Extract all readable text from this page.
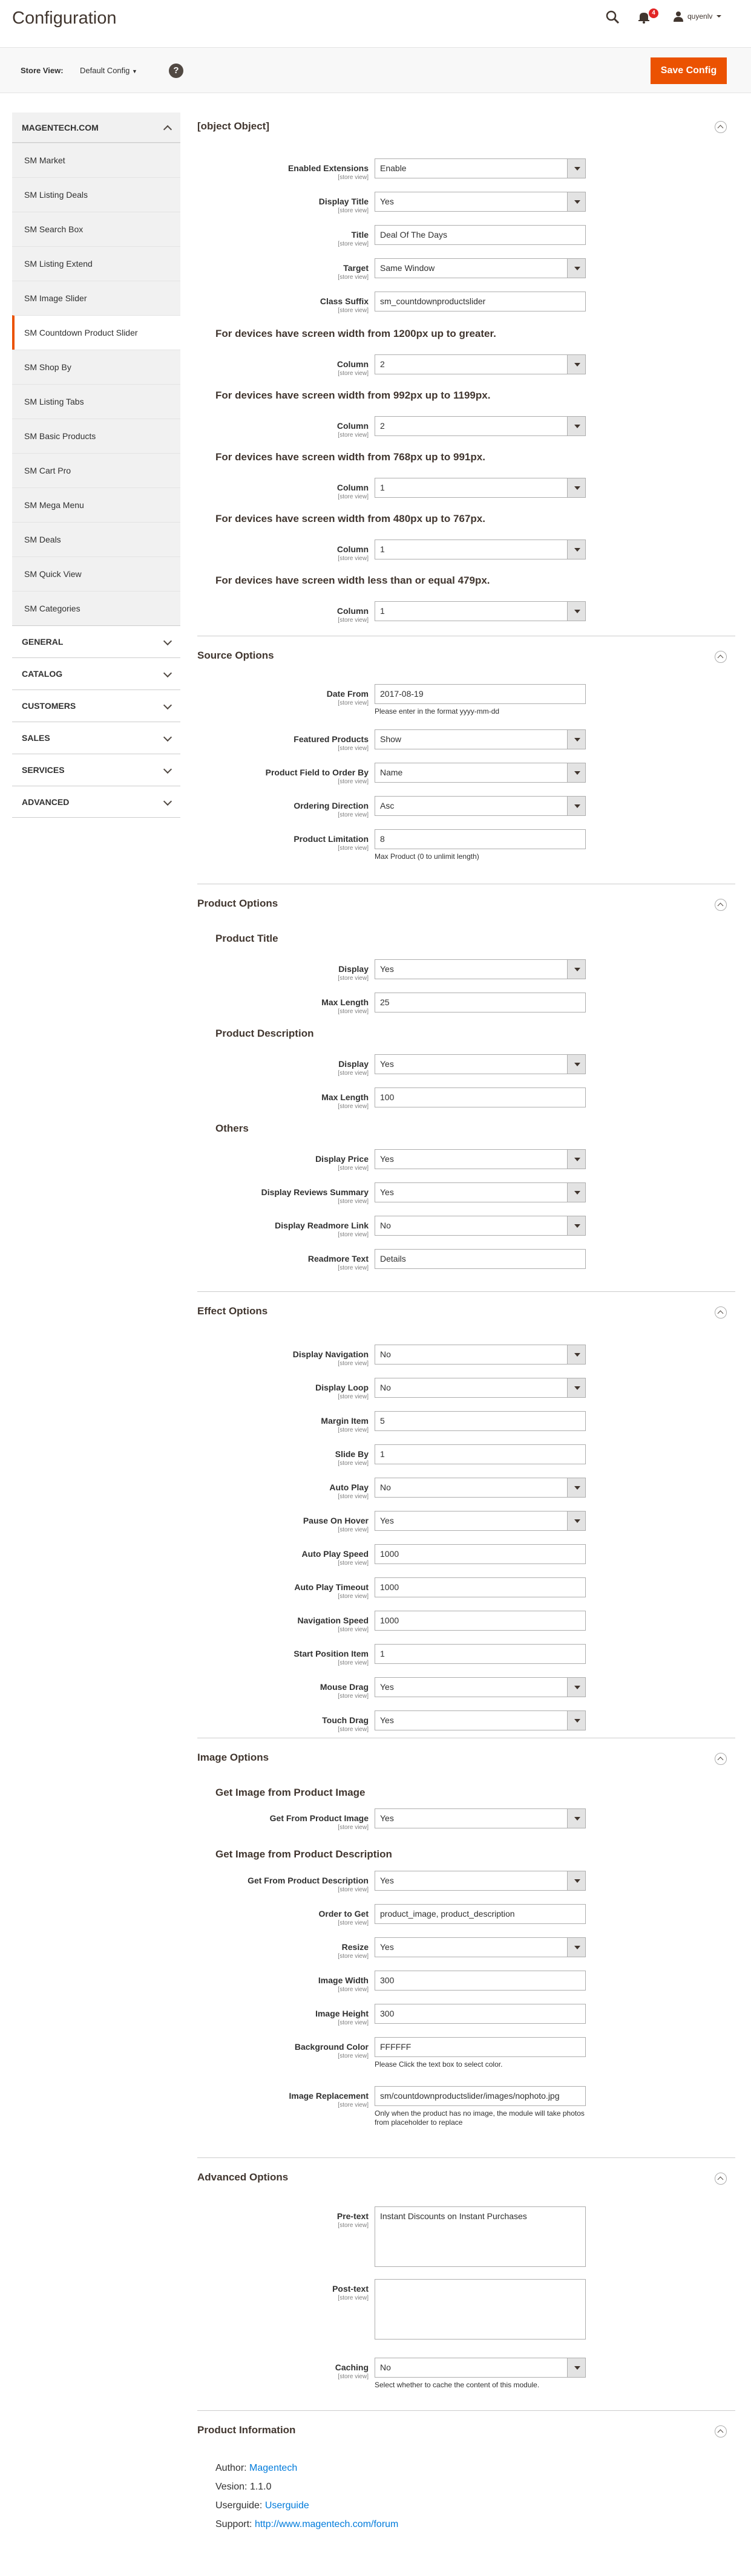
Configuration	4	quyenlv
Store View: Default Config ▼	?	Save Config
MAGENTECH.COM
SM Market
SM Listing Deals
SM Search Box
SM Listing Extend
SM Image Slider
SM Countdown Product Slider
SM Shop By
SM Listing Tabs
SM Basic Products
SM Cart Pro
SM Mega Menu
SM Deals
SM Quick View
SM Categories
GENERAL
CATALOG
CUSTOMERS
SALES
SERVICES
ADVANCED
[object Object]
Enabled Extensions
[store view]
Enable
Display Title
[store view]
Yes
Title
[store view]
Deal Of The Days
Target
[store view]
Same Window
Class Suffix
[store view]
sm_countdownproductslider
For devices have screen width from 1200px up to greater.
Column
[store view]
2
For devices have screen width from 992px up to 1199px.
Column
[store view]
2
For devices have screen width from 768px up to 991px.
Column
[store view]
1
For devices have screen width from 480px up to 767px.
Column
[store view]
1
For devices have screen width less than or equal 479px.
Column
[store view]
1
Source Options
Date From
[store view]
2017-08-19
Please enter in the format yyyy-mm-dd
Featured Products
[store view]
Show
Product Field to Order By
[store view]
Name
Ordering Direction
[store view]
Asc
Product Limitation
[store view]
8
Max Product (0 to unlimit length)
Product Options
Product Title
Display
[store view]
Yes
Max Length
[store view]
25
Product Description
Display
[store view]
Yes
Max Length
[store view]
100
Others
Display Price
[store view]
Yes
Display Reviews Summary
[store view]
Yes
Display Readmore Link
[store view]
No
Readmore Text
[store view]
Details
Effect Options
Display Navigation
[store view]
No
Display Loop
[store view]
No
Margin Item
[store view]
5
Slide By
[store view]
1
Auto Play
[store view]
No
Pause On Hover
[store view]
Yes
Auto Play Speed
[store view]
1000
Auto Play Timeout
[store view]
1000
Navigation Speed
[store view]
1000
Start Position Item
[store view]
1
Mouse Drag
[store view]
Yes
Touch Drag
[store view]
Yes
Image Options
Get Image from Product Image
Get From Product Image
[store view]
Yes
Get Image from Product Description
Get From Product Description
[store view]
Yes
Order to Get
[store view]
product_image, product_description
Resize
[store view]
Yes
Image Width
[store view]
300
Image Height
[store view]
300
Background Color
[store view]
FFFFFF
Please Click the text box to select color.
Image Replacement
[store view]
sm/countdownproductslider/images/nophoto.jpg
Only when the product has no image, the module will take photos from placeholder to replace
Advanced Options
Pre-text
[store view]
Instant Discounts on Instant Purchases
Post-text
[store view]
Caching
[store view]
No
Select whether to cache the content of this module.
Product Information
Author: Magentech
Vesion: 1.1.0
Userguide: Userguide
Support: http://www.magentech.com/forum
